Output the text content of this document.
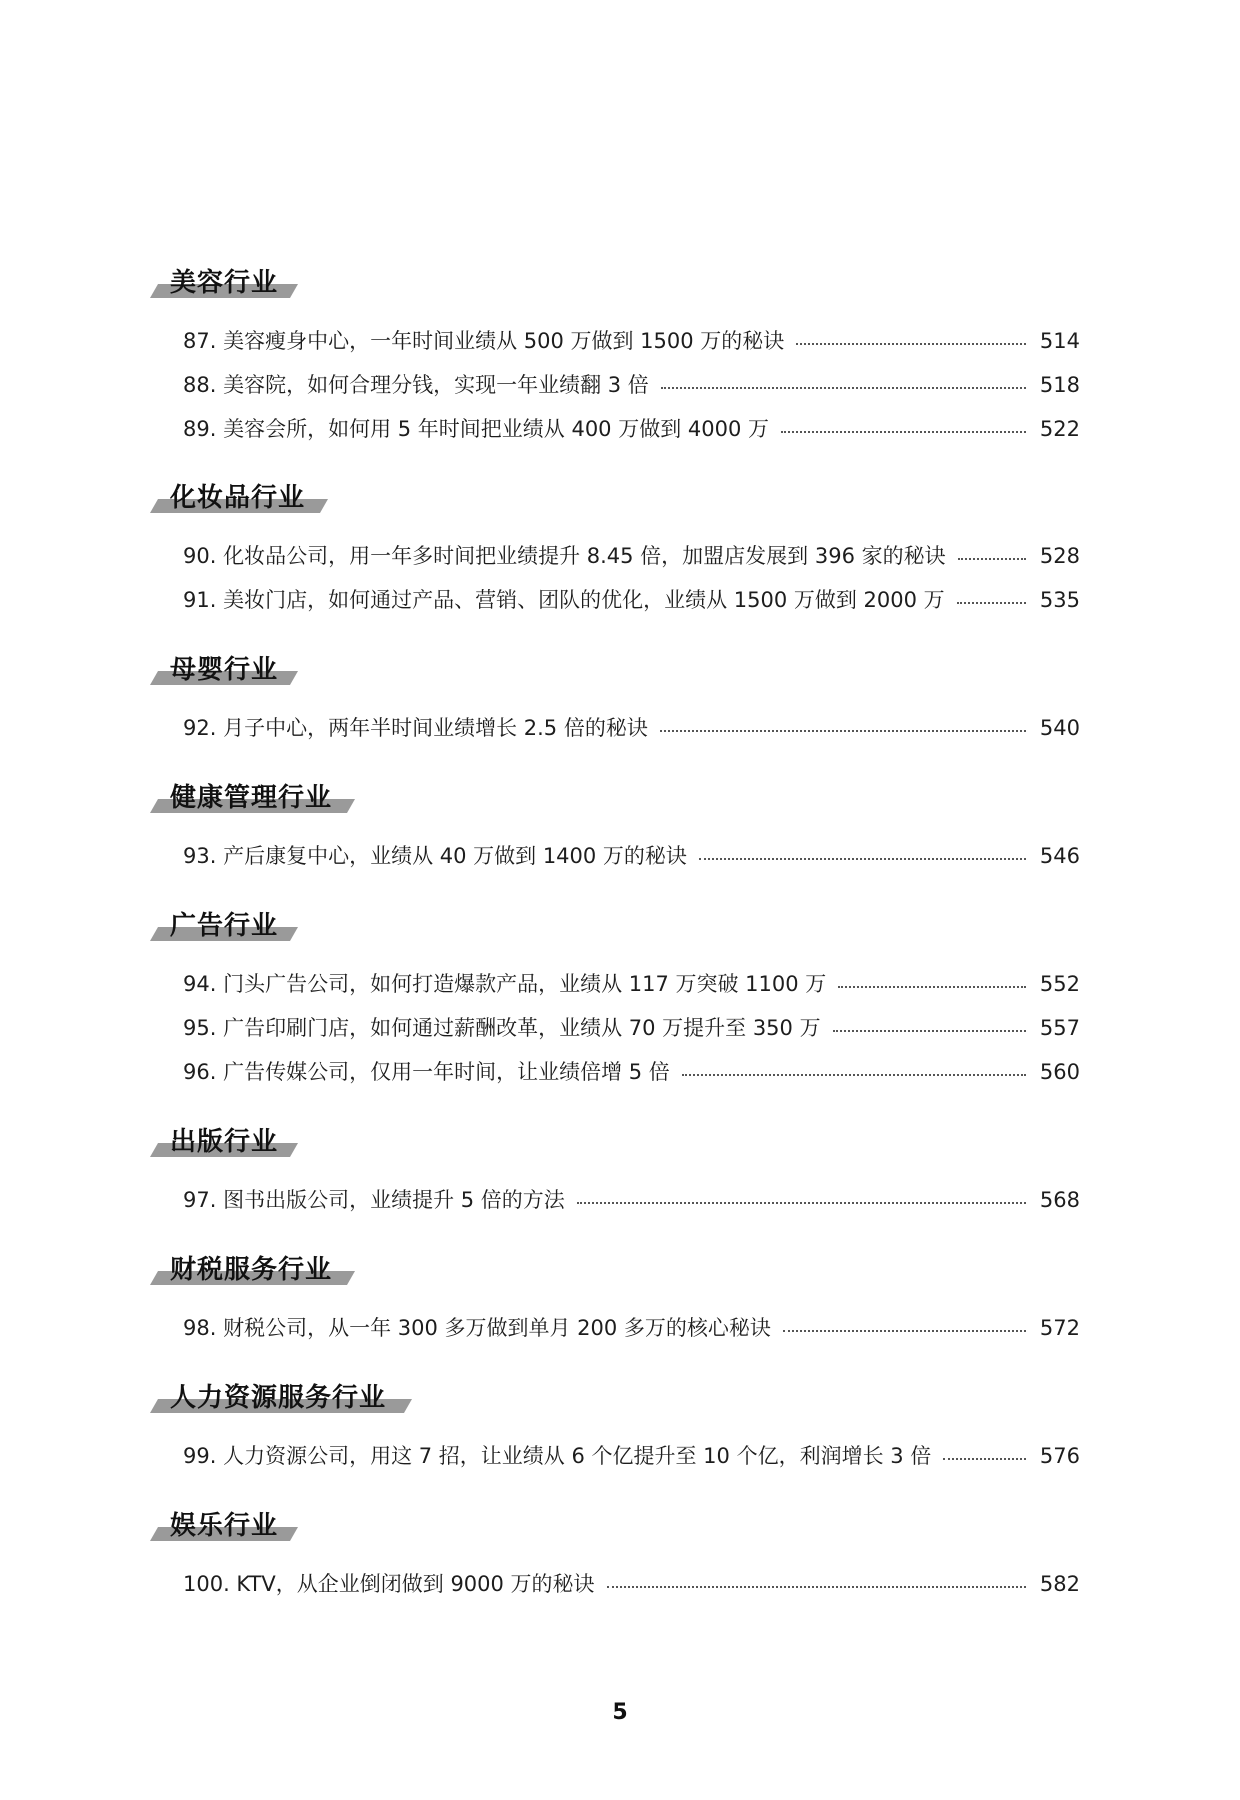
美容行业
87. 美容瘦身中心，一年时间业绩从 500 万做到 1500 万的秘诀	514
88. 美容院，如何合理分钱，实现一年业绩翻 3 倍	518
89. 美容会所，如何用 5 年时间把业绩从 400 万做到 4000 万	522
化妆品行业
90. 化妆品公司，用一年多时间把业绩提升 8.45 倍，加盟店发展到 396 家的秘诀	528
91. 美妆门店，如何通过产品、营销、团队的优化，业绩从 1500 万做到 2000 万	535
母婴行业
92. 月子中心，两年半时间业绩增长 2.5 倍的秘诀	540
健康管理行业
93. 产后康复中心，业绩从 40 万做到 1400 万的秘诀	546
广告行业
94. 门头广告公司，如何打造爆款产品，业绩从 117 万突破 1100 万	552
95. 广告印刷门店，如何通过薪酬改革，业绩从 70 万提升至 350 万	557
96. 广告传媒公司，仅用一年时间，让业绩倍增 5 倍	560
出版行业
97. 图书出版公司，业绩提升 5 倍的方法	568
财税服务行业
98. 财税公司，从一年 300 多万做到单月 200 多万的核心秘诀	572
人力资源服务行业
99. 人力资源公司，用这 7 招，让业绩从 6 个亿提升至 10 个亿，利润增长 3 倍	576
娱乐行业
100. KTV，从企业倒闭做到 9000 万的秘诀	582
5
